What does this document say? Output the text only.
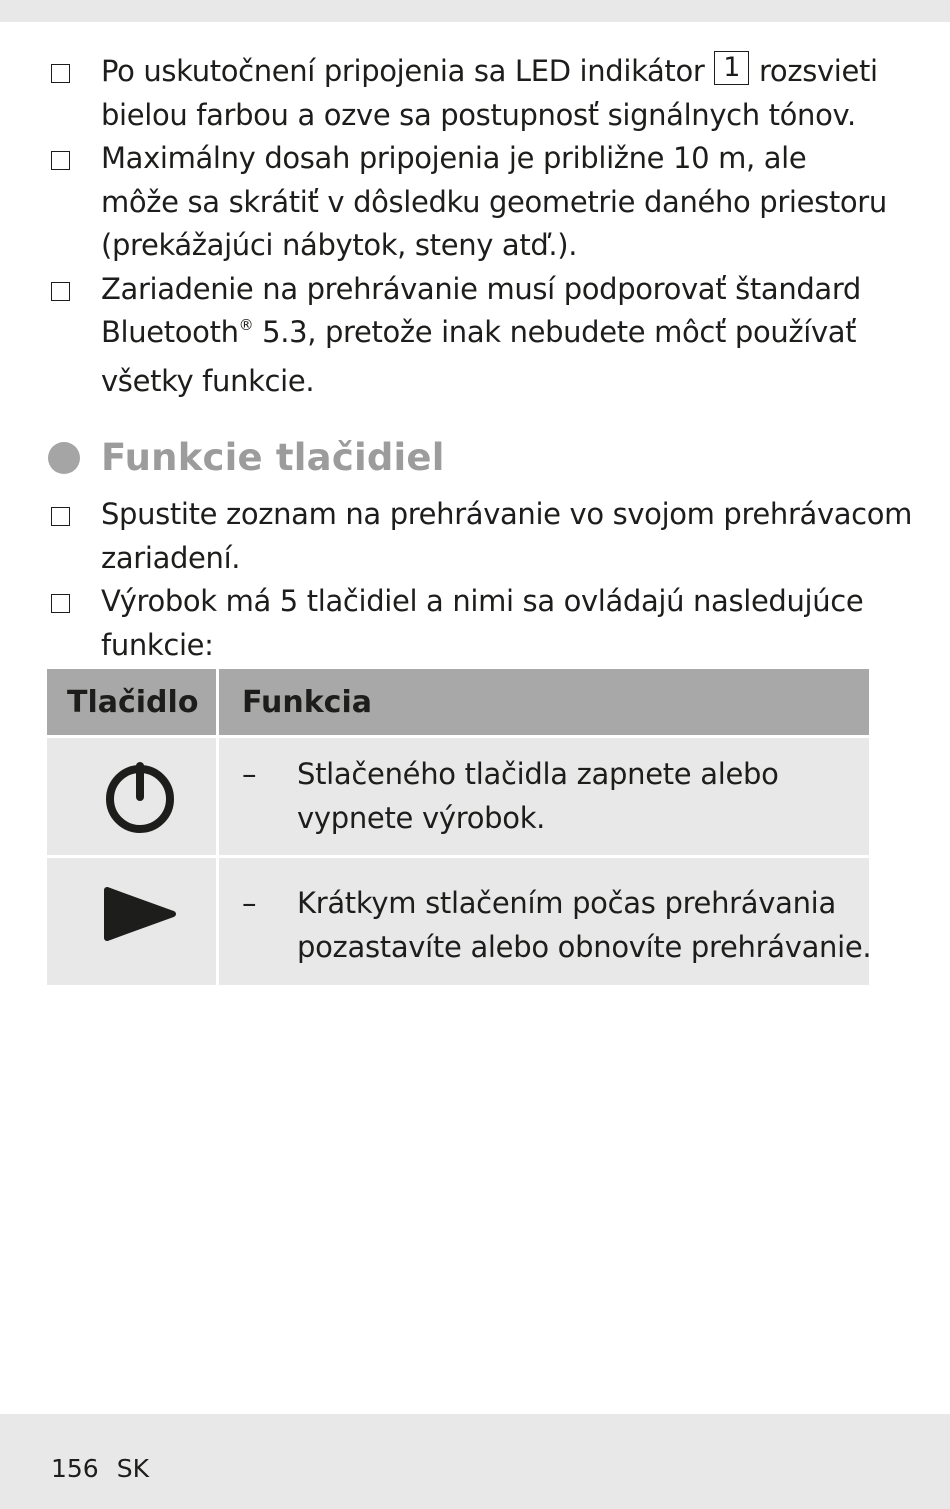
Po uskutočnení pripojenia sa LED indikátor 1 rozsvieti
bielou farbou a ozve sa postupnosť signálnych tónov.
Maximálny dosah pripojenia je približne 10 m, ale
môže sa skrátiť v dôsledku geometrie daného priestoru
(prekážajúci nábytok, steny atď.).
Zariadenie na prehrávanie musí podporovať štandard
Bluetooth® 5.3, pretože inak nebudete môcť používať
všetky funkcie.
Funkcie tlačidiel
Spustite zoznam na prehrávanie vo svojom prehrávacom
zariadení.
Výrobok má 5 tlačidiel a nimi sa ovládajú nasledujúce
funkcie:
Tlačidlo Funkcia
– Stlačeného tlačidla zapnete alebo
vypnete výrobok.
– Krátkym stlačením počas prehrávania
pozastavíte alebo obnovíte prehrávanie.
156 SK
